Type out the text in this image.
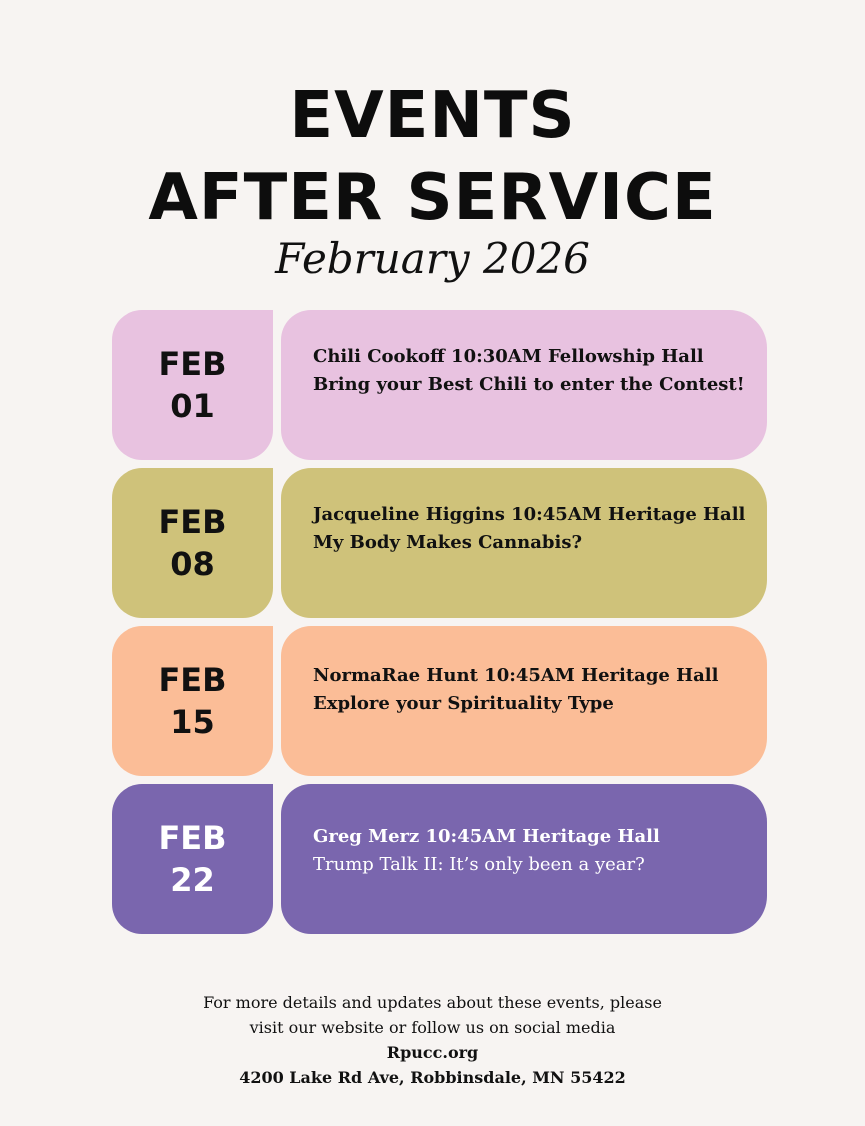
EVENTS
AFTER SERVICE
February 2026
FEB
01
Chili Cookoff 10:30AM Fellowship Hall
Bring your Best Chili to enter the Contest!
FEB
08
Jacqueline Higgins 10:45AM Heritage Hall
My Body Makes Cannabis?
FEB
15
NormaRae Hunt 10:45AM Heritage Hall
Explore your Spirituality Type
FEB
22
Greg Merz 10:45AM Heritage Hall
Trump Talk II: It’s only been a year?
For more details and updates about these events, please
visit our website or follow us on social media
Rpucc.org
4200 Lake Rd Ave, Robbinsdale, MN 55422
